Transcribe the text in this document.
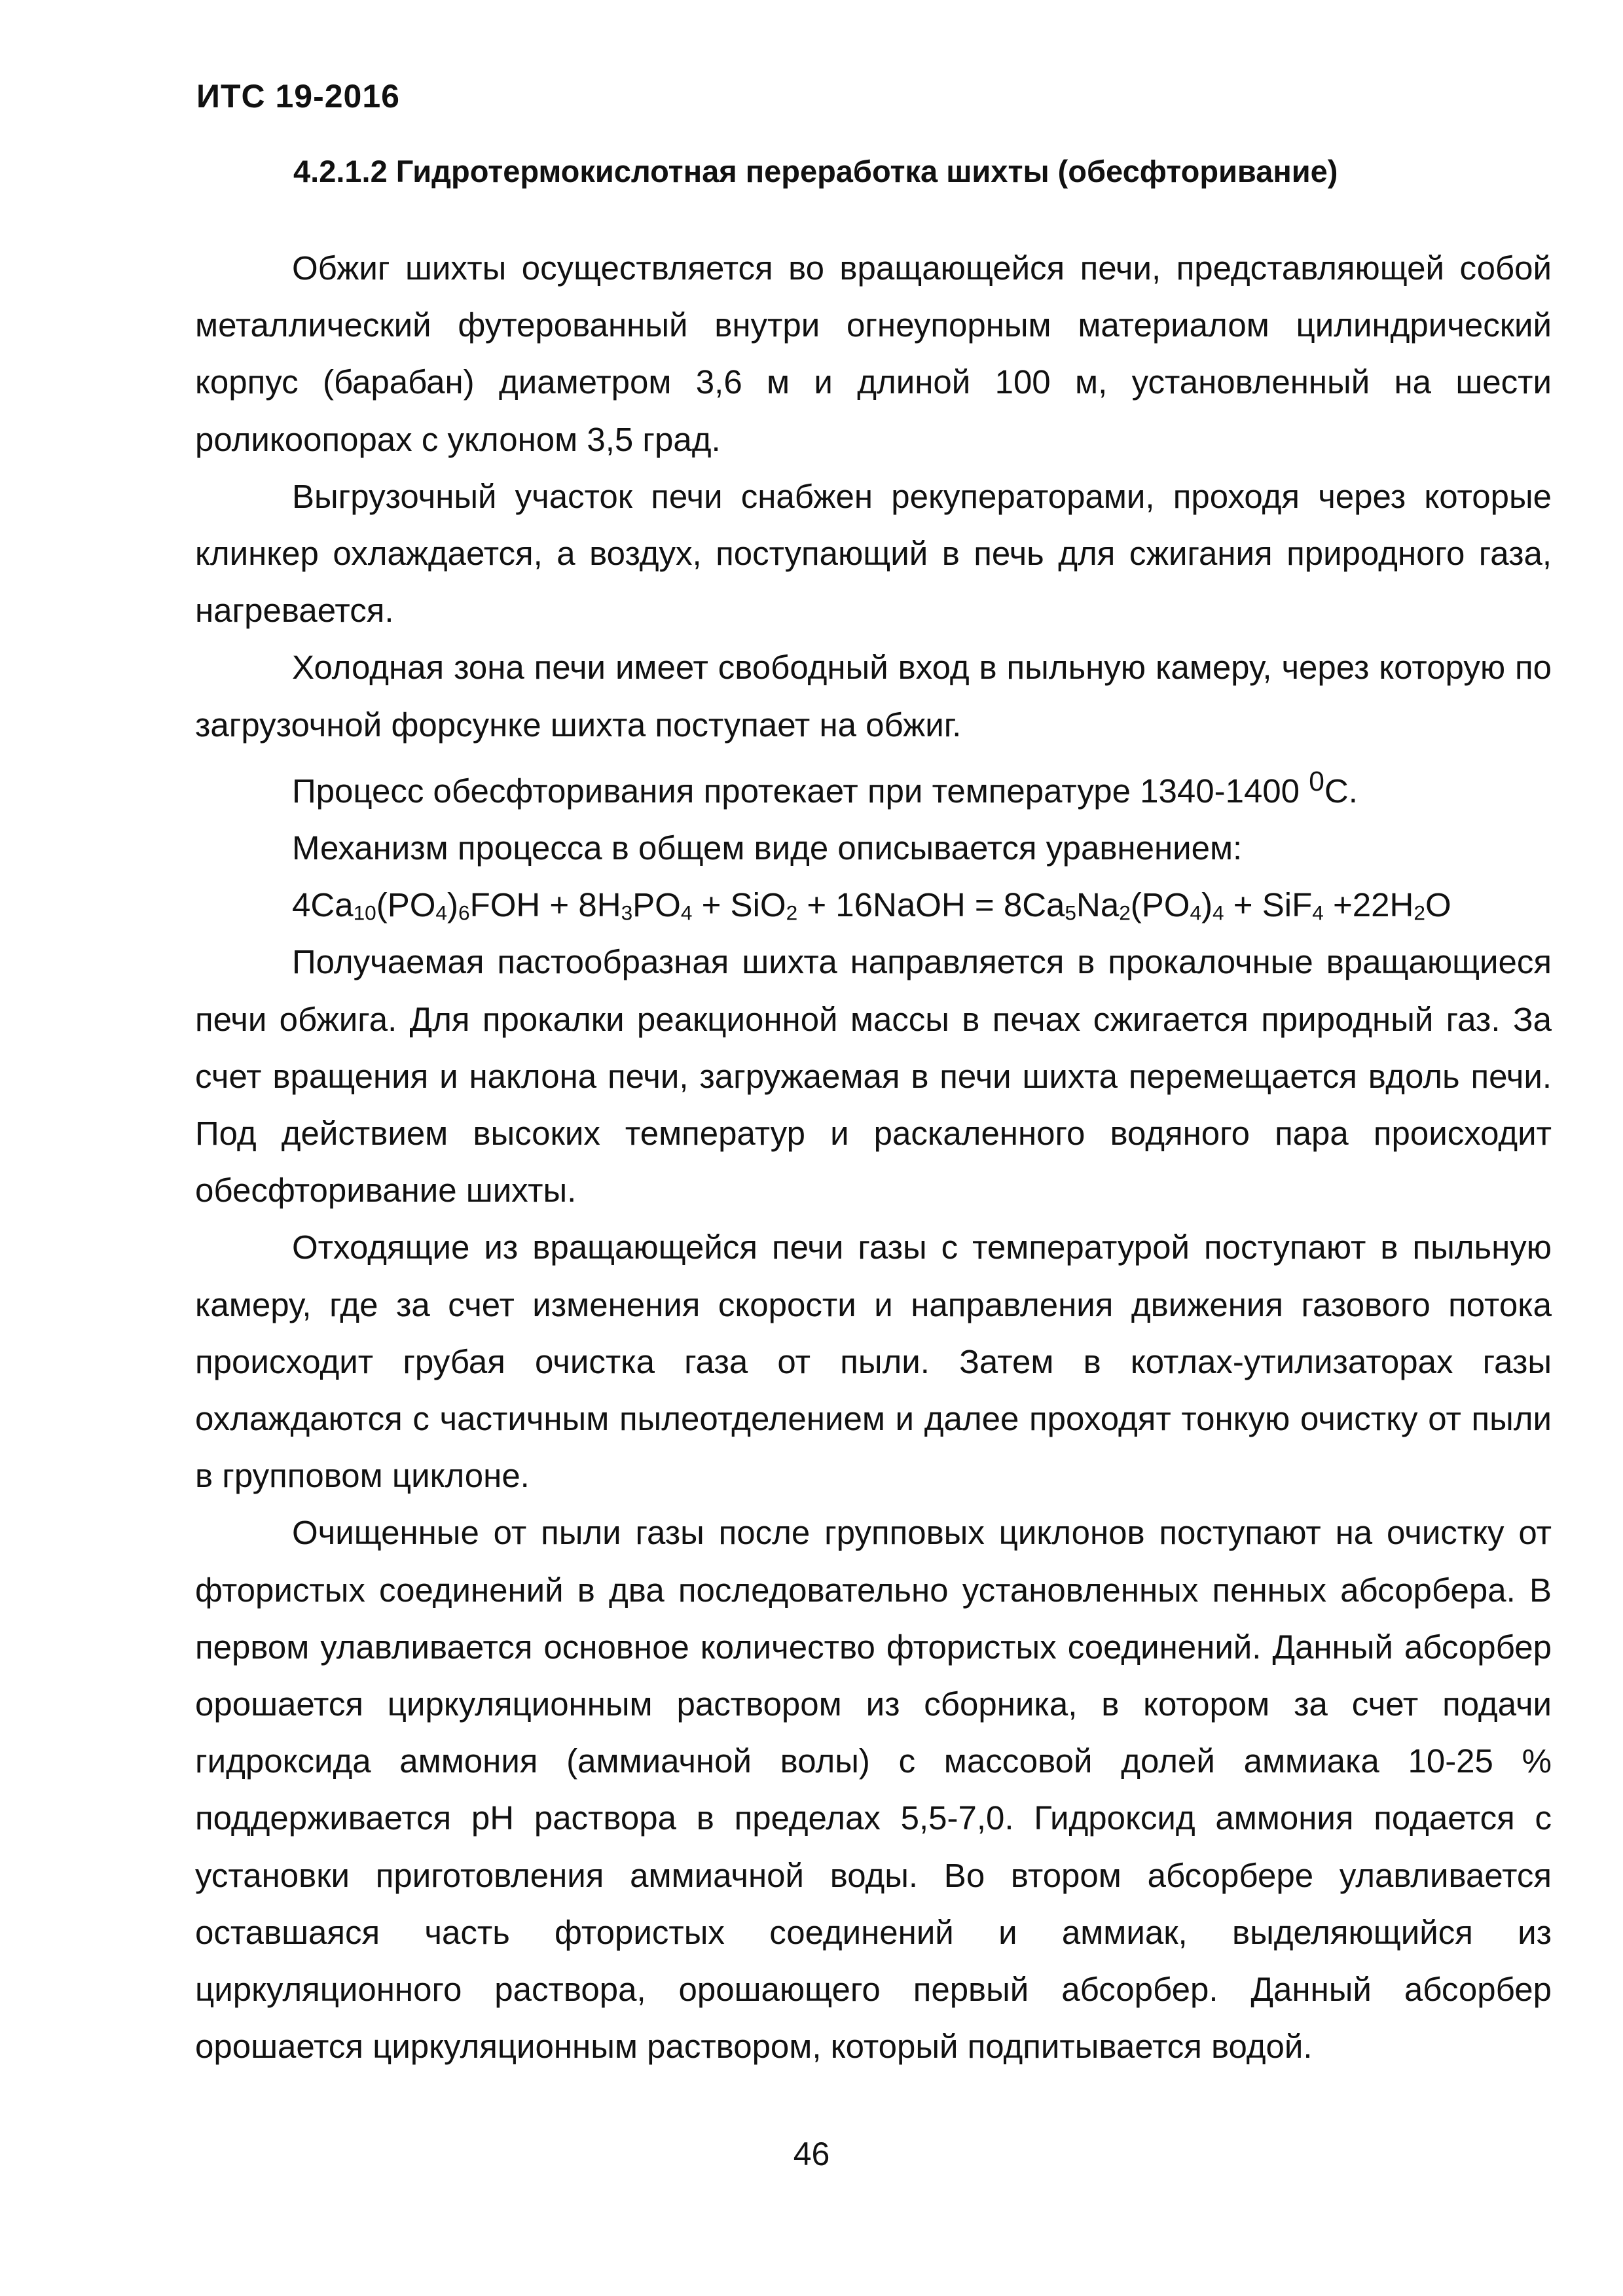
ИТС 19-2016
4.2.1.2 Гидротермокислотная переработка шихты (обесфторивание)

Обжиг шихты осуществляется во вращающейся печи, представляющей собой металлический футерованный внутри огнеупорным материалом цилиндрический корпус (барабан) диаметром 3,6 м и длиной 100 м, установленный на шести роликоопорах с уклоном 3,5 град.

Выгрузочный участок печи снабжен рекуператорами, проходя через которые клинкер охлаждается, а воздух, поступающий в печь для сжигания природного газа, нагревается.

Холодная зона печи имеет свободный вход в пыльную камеру, через которую по загрузочной форсунке шихта поступает на обжиг.

Процесс обесфторивания протекает при температуре 1340-1400 $^0$С.

Механизм процесса в общем виде описывается уравнением:

$4Ca_{10}(PO_4)_6FOH + 8H_3PO_4 + SiO_2$ + 16NaOH = $8Ca_5Na_2(PO_4)_4 + SiF_4 +22H_2O$

Получаемая пастообразная шихта направляется в прокалочные вращающиеся печи обжига. Для прокалки реакционной массы в печах сжигается природный газ. За счет вращения и наклона печи, загружаемая в печи шихта перемещается вдоль печи. Под действием высоких температур и раскаленного водяного пара происходит обесфторивание шихты.

Отходящие из вращающейся печи газы с температурой поступают в пыльную камеру, где за счет изменения скорости и направления движения газового потока происходит грубая очистка газа от пыли. Затем в котлах-утилизаторах газы охлаждаются с частичным пылеотделением и далее проходят тонкую очистку от пыли в групповом циклоне.

Очищенные от пыли газы после групповых циклонов поступают на очистку от фтористых соединений в два последовательно установленных пенных абсорбера. В первом улавливается основное количество фтористых соединений. Данный абсорбер орошается циркуляционным раствором из сборника, в котором за счет подачи гидроксида аммония (аммиачной волы) с массовой долей аммиака 10-25 % поддерживается рН раствора в пределах 5,5-7,0. Гидроксид аммония подается с установки приготовления аммиачной воды. Во втором абсорбере улавливается оставшаяся часть фтористых соединений и аммиак, выделяющийся из циркуляционного раствора, орошающего первый абсорбер. Данный абсорбер орошается циркуляционным раствором, который подпитывается водой.

46
